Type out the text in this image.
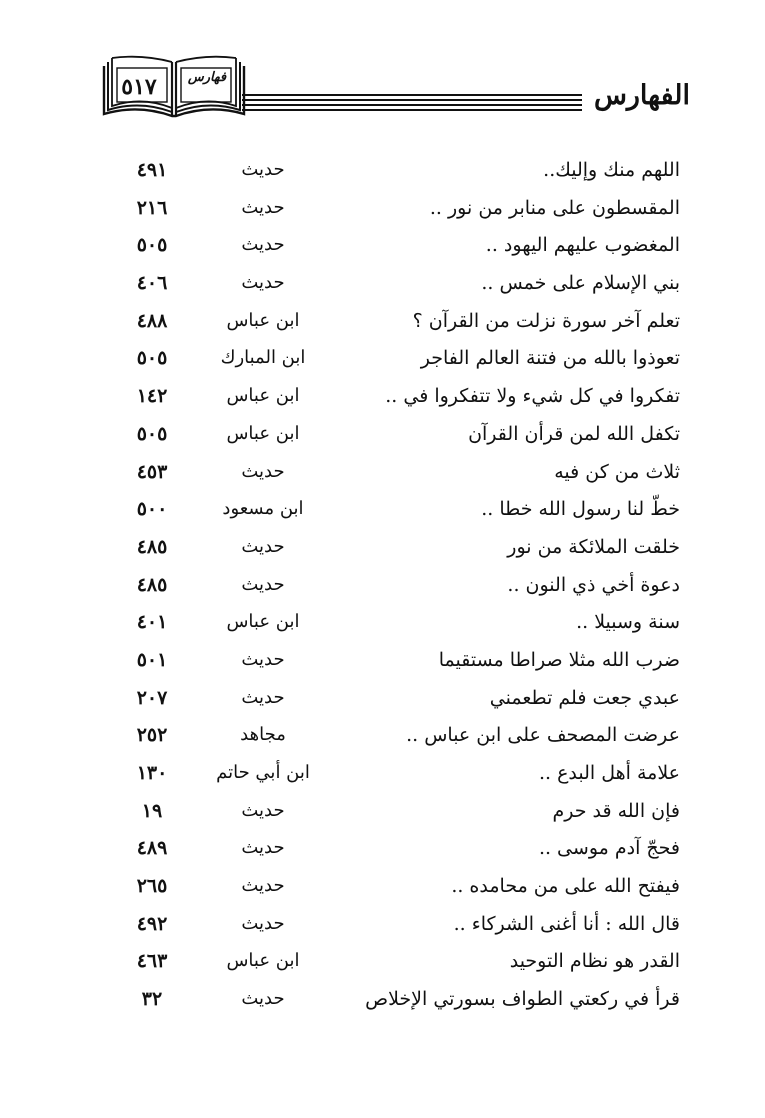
الفهارس
٥١٧	فهارس
اللهم منك وإليك..
حديث
٤٩١
المقسطون على منابر من نور ..
حديث
٢١٦
المغضوب عليهم اليهود ..
حديث
٥٠٥
بني الإسلام على خمس ..
حديث
٤٠٦
تعلم آخر سورة نزلت من القرآن ؟
ابن عباس
٤٨٨
تعوذوا بالله من فتنة العالم الفاجر
ابن المبارك
٥٠٥
تفكروا في كل شيء ولا تتفكروا في ..
ابن عباس
١٤٢
تكفل الله لمن قرأن القرآن
ابن عباس
٥٠٥
ثلاث من كن فيه
حديث
٤٥٣
خطّ لنا رسول الله خطا ..
ابن مسعود
٥٠٠
خلقت الملائكة من نور
حديث
٤٨٥
دعوة أخي ذي النون ..
حديث
٤٨٥
سنة وسبيلا ..
ابن عباس
٤٠١
ضرب الله مثلا صراطا مستقيما
حديث
٥٠١
عبدي جعت فلم تطعمني
حديث
٢٠٧
عرضت المصحف على ابن عباس ..
مجاهد
٢٥٢
علامة أهل البدع ..
ابن أبي حاتم
١٣٠
فإن الله قد حرم
حديث
١٩
فحجّ آدم موسى ..
حديث
٤٨٩
فيفتح الله على من محامده ..
حديث
٢٦٥
قال الله : أنا أغنى الشركاء ..
حديث
٤٩٢
القدر هو نظام التوحيد
ابن عباس
٤٦٣
قرأ في ركعتي الطواف بسورتي الإخلاص
حديث
٣٢
